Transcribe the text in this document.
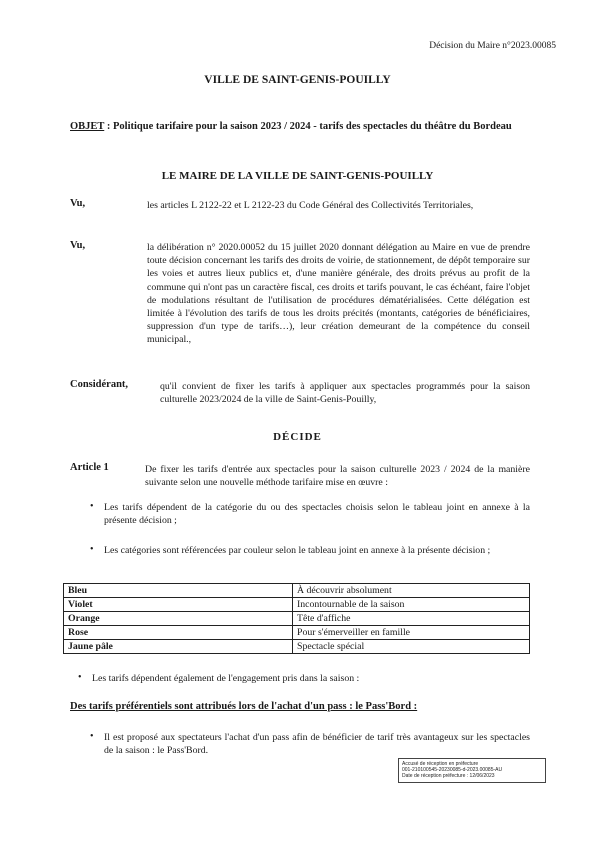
Décision du Maire n°2023.00085
VILLE DE SAINT-GENIS-POUILLY
OBJET : Politique tarifaire pour la saison 2023 / 2024 - tarifs des spectacles du théâtre du Bordeau
LE MAIRE DE LA VILLE DE SAINT-GENIS-POUILLY
Vu,	les articles L 2122-22 et L 2122-23 du Code Général des Collectivités Territoriales,
Vu,	la délibération n° 2020.00052 du 15 juillet 2020 donnant délégation au Maire en vue de prendre toute décision concernant les tarifs des droits de voirie, de stationnement, de dépôt temporaire sur les voies et autres lieux publics et, d'une manière générale, des droits prévus au profit de la commune qui n'ont pas un caractère fiscal, ces droits et tarifs pouvant, le cas échéant, faire l'objet de modulations résultant de l'utilisation de procédures dématérialisées. Cette délégation est limitée à l'évolution des tarifs de tous les droits précités (montants, catégories de bénéficiaires, suppression d'un type de tarifs…), leur création demeurant de la compétence du conseil municipal.,
Considérant,	qu'il convient de fixer les tarifs à appliquer aux spectacles programmés pour la saison culturelle 2023/2024 de la ville de Saint-Genis-Pouilly,
DÉCIDE
Article 1	De fixer les tarifs d'entrée aux spectacles pour la saison culturelle 2023 / 2024 de la manière suivante selon une nouvelle méthode tarifaire mise en œuvre :
• Les tarifs dépendent de la catégorie du ou des spectacles choisis selon le tableau joint en annexe à la présente décision ;
• Les catégories sont référencées par couleur selon le tableau joint en annexe à la présente décision ;
Bleu	À découvrir absolument
Violet	Incontournable de la saison
Orange	Tête d'affiche
Rose	Pour s'émerveiller en famille
Jaune pâle	Spectacle spécial
• Les tarifs dépendent également de l'engagement pris dans la saison :
Des tarifs préférentiels sont attribués lors de l'achat d'un pass : le Pass'Bord :
• Il est proposé aux spectateurs l'achat d'un pass afin de bénéficier de tarif très avantageux sur les spectacles de la saison : le Pass'Bord.
Accusé de réception en préfecture
001-210100545-20230085-d-2023.00085-AU
Date de réception préfecture : 12/06/2023
